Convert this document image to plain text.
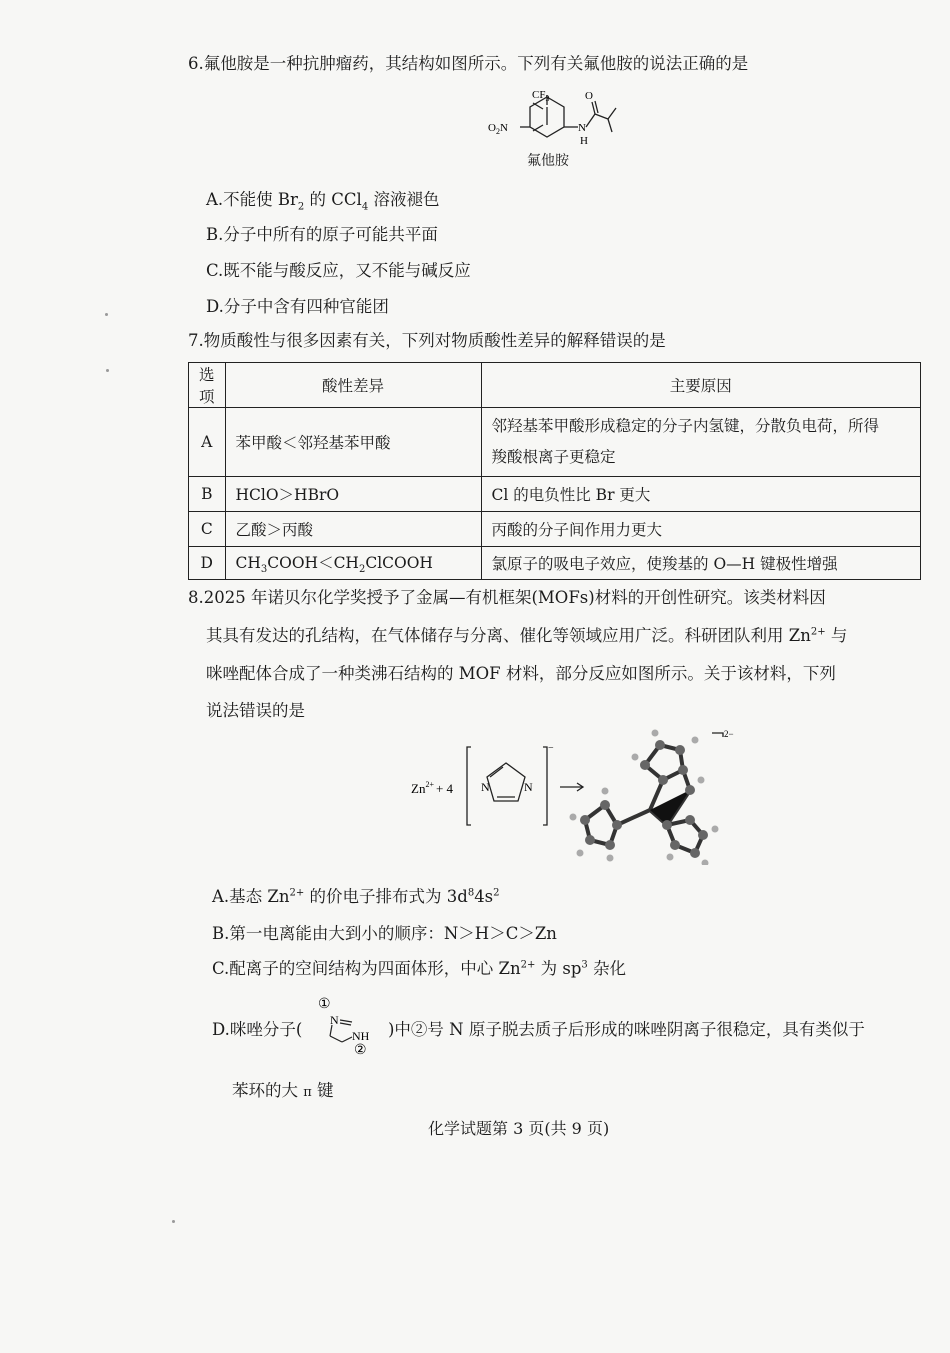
6.氟他胺是一种抗肿瘤药，其结构如图所示。下列有关氟他胺的说法正确的是
$CF_3$	O
$O_2N$	N
H
氟他胺
A.不能使 $Br_2$ 的 CCl$_4$ 溶液褪色
B.分子中所有的原子可能共平面
C.既不能与酸反应，又不能与碱反应
D.分子中含有四种官能团
7.物质酸性与很多因素有关，下列对物质酸性差异的解释错误的是
选项	酸性差异	主要原因
A	苯甲酸＜邻羟基苯甲酸	邻羟基苯甲酸形成稳定的分子内氢键，分散负电荷，所得
羧酸根离子更稳定

B	HClO＞HBrO	Cl 的电负性比 Br 更大
C	乙酸＞丙酸	丙酸的分子间作用力更大
D	$CH_3COOH<CH_2ClCOOH$	氯原子的吸电子效应，使羧基的 O—H 键极性增强
8.2025 年诺贝尔化学奖授予了金属—有机框架(MOFs)材料的开创性研究。该类材料因
其具有发达的孔结构，在气体储存与分离、催化等领域应用广泛。科研团队利用 $Zn^{2+}$ 与
咪唑配体合成了一种类沸石结构的 MOF 材料，部分反应如图所示。关于该材料，下列
说法错误的是
$Zn^{2+} + 4$ N	N
−
2−
A.基态 $Zn^{2+}$ 的价电子排布式为 $3d^84s^2$
B.第一电离能由大到小的顺序：N＞H＞C＞Zn
C.配离子的空间结构为四面体形，中心 $Zn^{2+}$ 为 $sp^3$ 杂化
D.咪唑分子(
①
N
NH
②
)中②号 N 原子脱去质子后形成的咪唑阴离子很稳定，具有类似于
苯环的大 π 键
化学试题第 3 页(共 9 页)
